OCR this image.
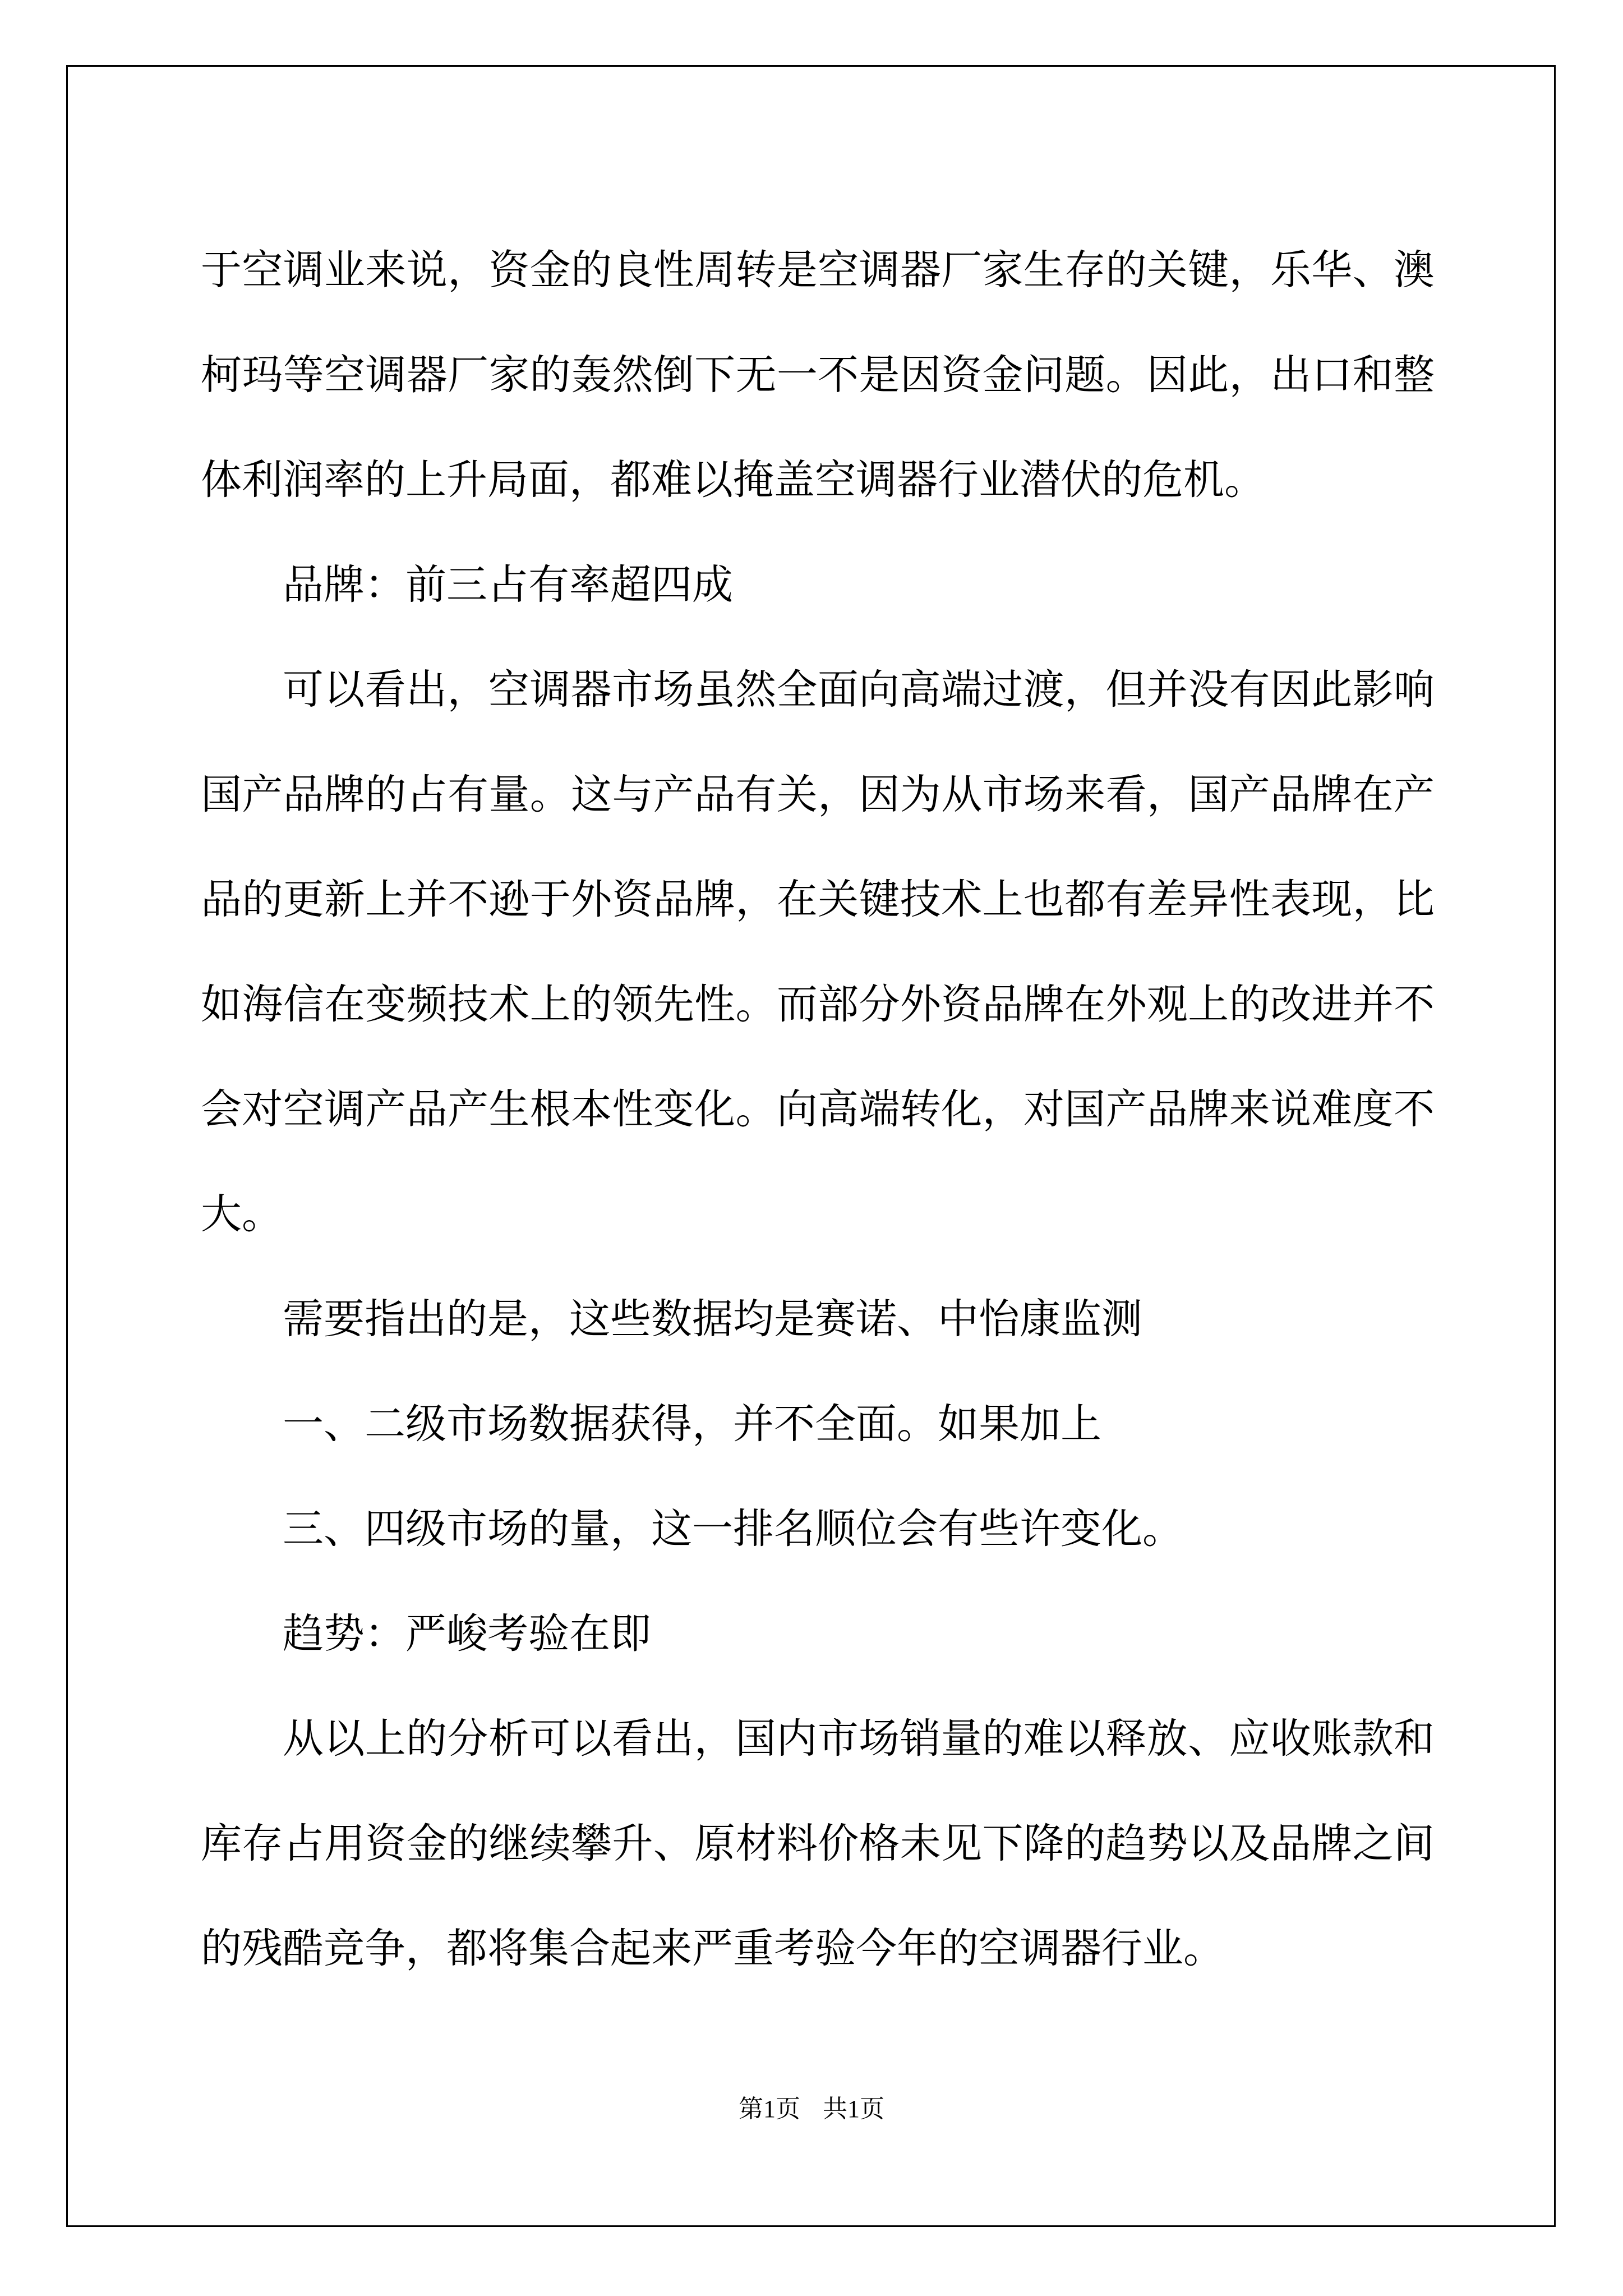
于空调业来说，资金的良性周转是空调器厂家生存的关键，乐华、澳柯玛等空调器厂家的轰然倒下无一不是因资金问题。因此，出口和整体利润率的上升局面，都难以掩盖空调器行业潜伏的危机。

品牌：前三占有率超四成

可以看出，空调器市场虽然全面向高端过渡，但并没有因此影响国产品牌的占有量。这与产品有关，因为从市场来看，国产品牌在产品的更新上并不逊于外资品牌，在关键技术上也都有差异性表现，比如海信在变频技术上的领先性。而部分外资品牌在外观上的改进并不会对空调产品产生根本性变化。向高端转化，对国产品牌来说难度不大。

需要指出的是，这些数据均是赛诺、中怡康监测

一、二级市场数据获得，并不全面。如果加上

三、四级市场的量，这一排名顺位会有些许变化。

趋势：严峻考验在即

从以上的分析可以看出，国内市场销量的难以释放、应收账款和库存占用资金的继续攀升、原材料价格未见下降的趋势以及品牌之间的残酷竞争，都将集合起来严重考验今年的空调器行业。

第1页 共1页
